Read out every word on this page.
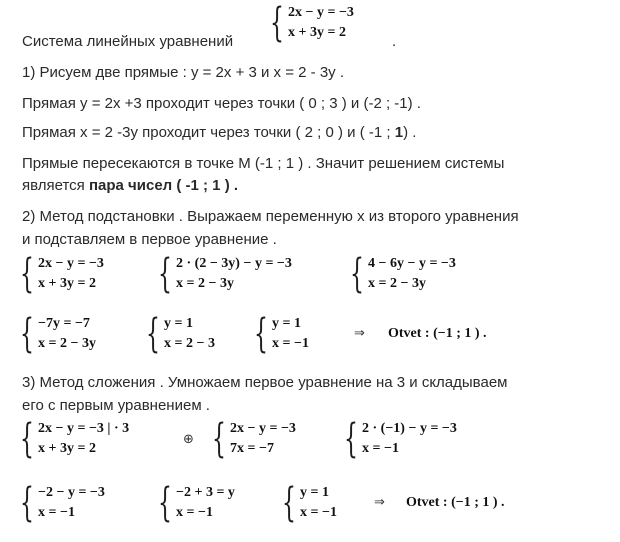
Система линейных уравнений { 2x − y = −3
x + 3y = 2
.
1) Рисуем две прямые : y = 2x + 3 и x = 2 - 3y .
Прямая y = 2x +3 проходит через точки ( 0 ; 3 ) и (-2 ; -1) .
Прямая x = 2 -3y проходит через точки ( 2 ; 0 ) и ( -1 ; 1) .
Прямые пересекаются в точке M (-1 ; 1 ) . Значит решением системы
является пара чисел ( -1 ; 1 ) .
2) Метод подстановки . Выражаем переменную x из второго уравнения
и подставляем в первое уравнение .
{ 2x − y = −3
x + 3y = 2 { 2 · (2 − 3y) − y = −3
x = 2 − 3y	{ 4 − 6y − y = −3
x = 2 − 3y
{ −7y = −7
x = 2 − 3y { y = 1
x = 2 − 3 { y = 1
x = −1
⇒ Otvet : (−1 ; 1 ) .
3) Метод сложения . Умножаем первое уравнение на 3 и складываем
его с первым уравнением .
{ 2x − y = −3 | · 3
x + 3y = 2
⊕ { 2x − y = −3
7x = −7	{ 2 · (−1) − y = −3
x = −1
{ −2 − y = −3
x = −1	{ −2 + 3 = y
x = −1	{ y = 1
x = −1
⇒ Otvet : (−1 ; 1 ) .
